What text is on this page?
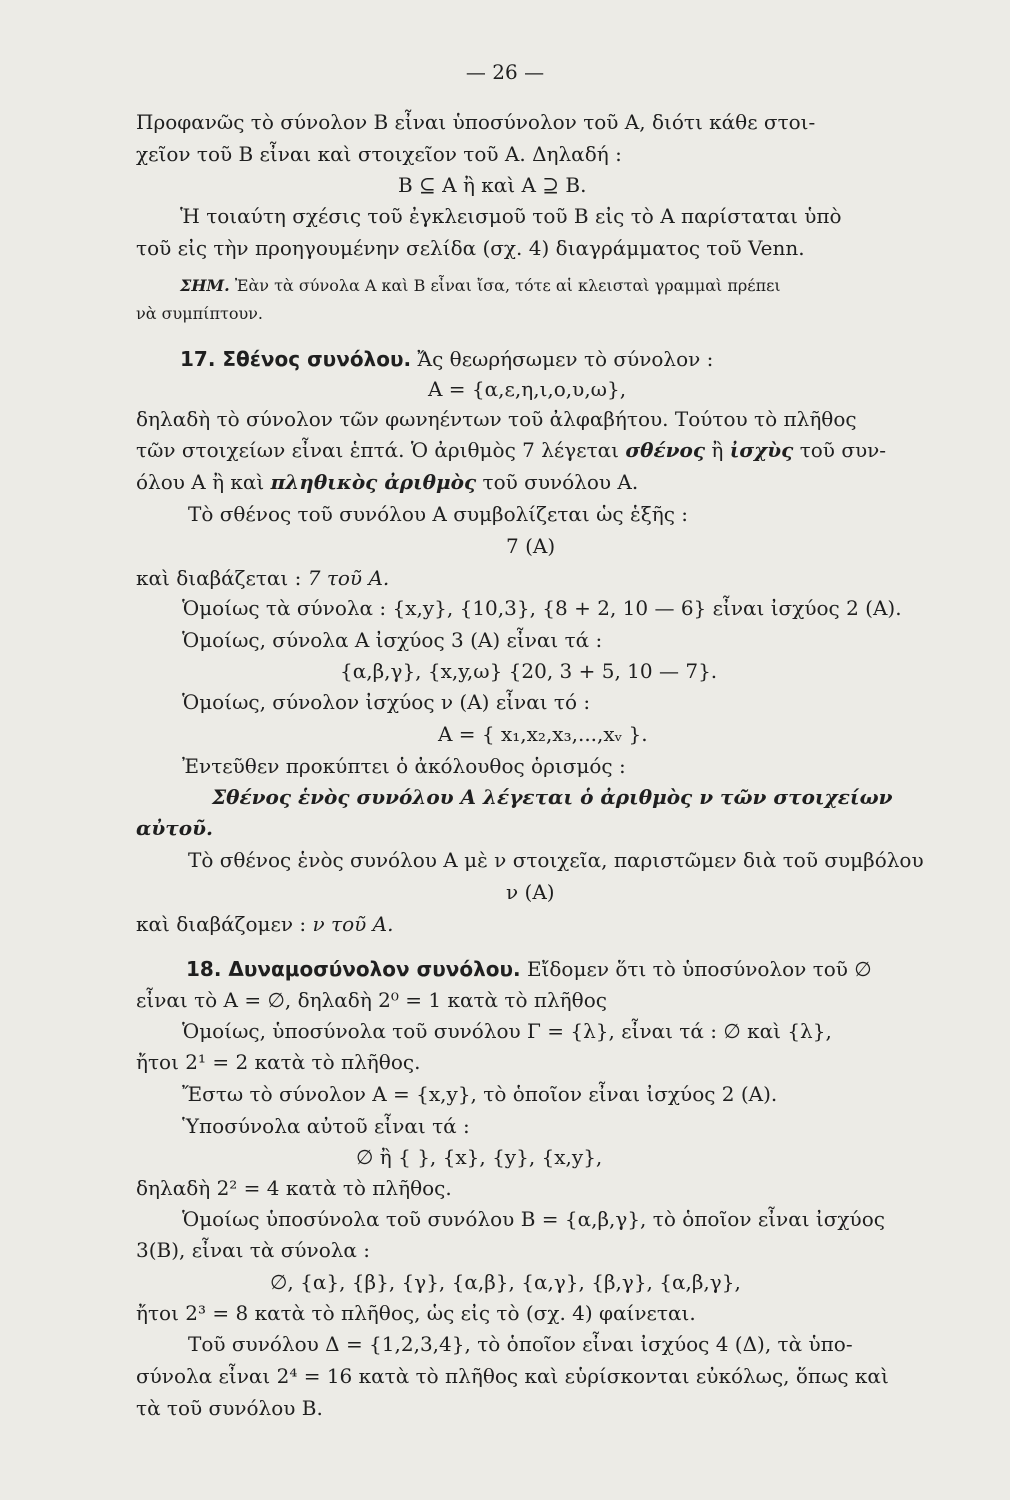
— 26 —
Προφανῶς τὸ σύνολον B εἶναι ὑποσύνολον τοῦ A, διότι κάθε στοι-
χεῖον τοῦ B εἶναι καὶ στοιχεῖον τοῦ A. Δηλαδή :
B ⊆ A ἢ καὶ A ⊇ B.
Ἡ τοιαύτη σχέσις τοῦ ἐγκλεισμοῦ τοῦ B εἰς τὸ A παρίσταται ὑπὸ
τοῦ εἰς τὴν προηγουμένην σελίδα (σχ. 4) διαγράμματος τοῦ Venn.
ΣΗΜ. Ἐὰν τὰ σύνολα A καὶ B εἶναι ἴσα, τότε αἱ κλεισταὶ γραμμαὶ πρέπει
νὰ συμπίπτουν.
17. Σθένος συνόλου. Ἄς θεωρήσωμεν τὸ σύνολον :
A = {α,ε,η,ι,ο,υ,ω},
δηλαδὴ τὸ σύνολον τῶν φωνηέντων τοῦ ἀλφαβήτου. Τούτου τὸ πλῆθος
τῶν στοιχείων εἶναι ἑπτά. Ὁ ἀριθμὸς 7 λέγεται σθένος ἢ ἰσχὺς τοῦ συν-
όλου A ἢ καὶ πληθικὸς ἀριθμὸς τοῦ συνόλου A.
Τὸ σθένος τοῦ συνόλου A συμβολίζεται ὡς ἑξῆς :
7 (A)
καὶ διαβάζεται : 7 τοῦ A.
Ὁμοίως τὰ σύνολα : {x,y}, {10,3}, {8 + 2, 10 — 6} εἶναι ἰσχύος 2 (A).
Ὁμοίως, σύνολα A ἰσχύος 3 (A) εἶναι τά :
{α,β,γ}, {x,y,ω} {20, 3 + 5, 10 — 7}.
Ὁμοίως, σύνολον ἰσχύος ν (A) εἶναι τό :
A = { x₁,x₂,x₃,...,xᵥ }.
Ἐντεῦθεν προκύπτει ὁ ἀκόλουθος ὁρισμός :
Σθένος ἑνὸς συνόλου A λέγεται ὁ ἀριθμὸς ν τῶν στοιχείων
αὐτοῦ.
Τὸ σθένος ἑνὸς συνόλου A μὲ ν στοιχεῖα, παριστῶμεν διὰ τοῦ συμβόλου
ν (A)
καὶ διαβάζομεν : ν τοῦ A.
18. Δυναμοσύνολον συνόλου. Εἴδομεν ὅτι τὸ ὑποσύνολον τοῦ ∅
εἶναι τὸ A = ∅, δηλαδὴ 2⁰ = 1 κατὰ τὸ πλῆθος
Ὁμοίως, ὑποσύνολα τοῦ συνόλου Γ = {λ}, εἶναι τά : ∅ καὶ {λ},
ἤτοι 2¹ = 2 κατὰ τὸ πλῆθος.
Ἔστω τὸ σύνολον A = {x,y}, τὸ ὁποῖον εἶναι ἰσχύος 2 (A).
Ὑποσύνολα αὐτοῦ εἶναι τά :
∅ ἢ { }, {x}, {y}, {x,y},
δηλαδὴ 2² = 4 κατὰ τὸ πλῆθος.
Ὁμοίως ὑποσύνολα τοῦ συνόλου B = {α,β,γ}, τὸ ὁποῖον εἶναι ἰσχύος
3(B), εἶναι τὰ σύνολα :
∅, {α}, {β}, {γ}, {α,β}, {α,γ}, {β,γ}, {α,β,γ},
ἤτοι 2³ = 8 κατὰ τὸ πλῆθος, ὡς εἰς τὸ (σχ. 4) φαίνεται.
Τοῦ συνόλου Δ = {1,2,3,4}, τὸ ὁποῖον εἶναι ἰσχύος 4 (Δ), τὰ ὑπο-
σύνολα εἶναι 2⁴ = 16 κατὰ τὸ πλῆθος καὶ εὑρίσκονται εὐκόλως, ὅπως καὶ
τὰ τοῦ συνόλου B.
